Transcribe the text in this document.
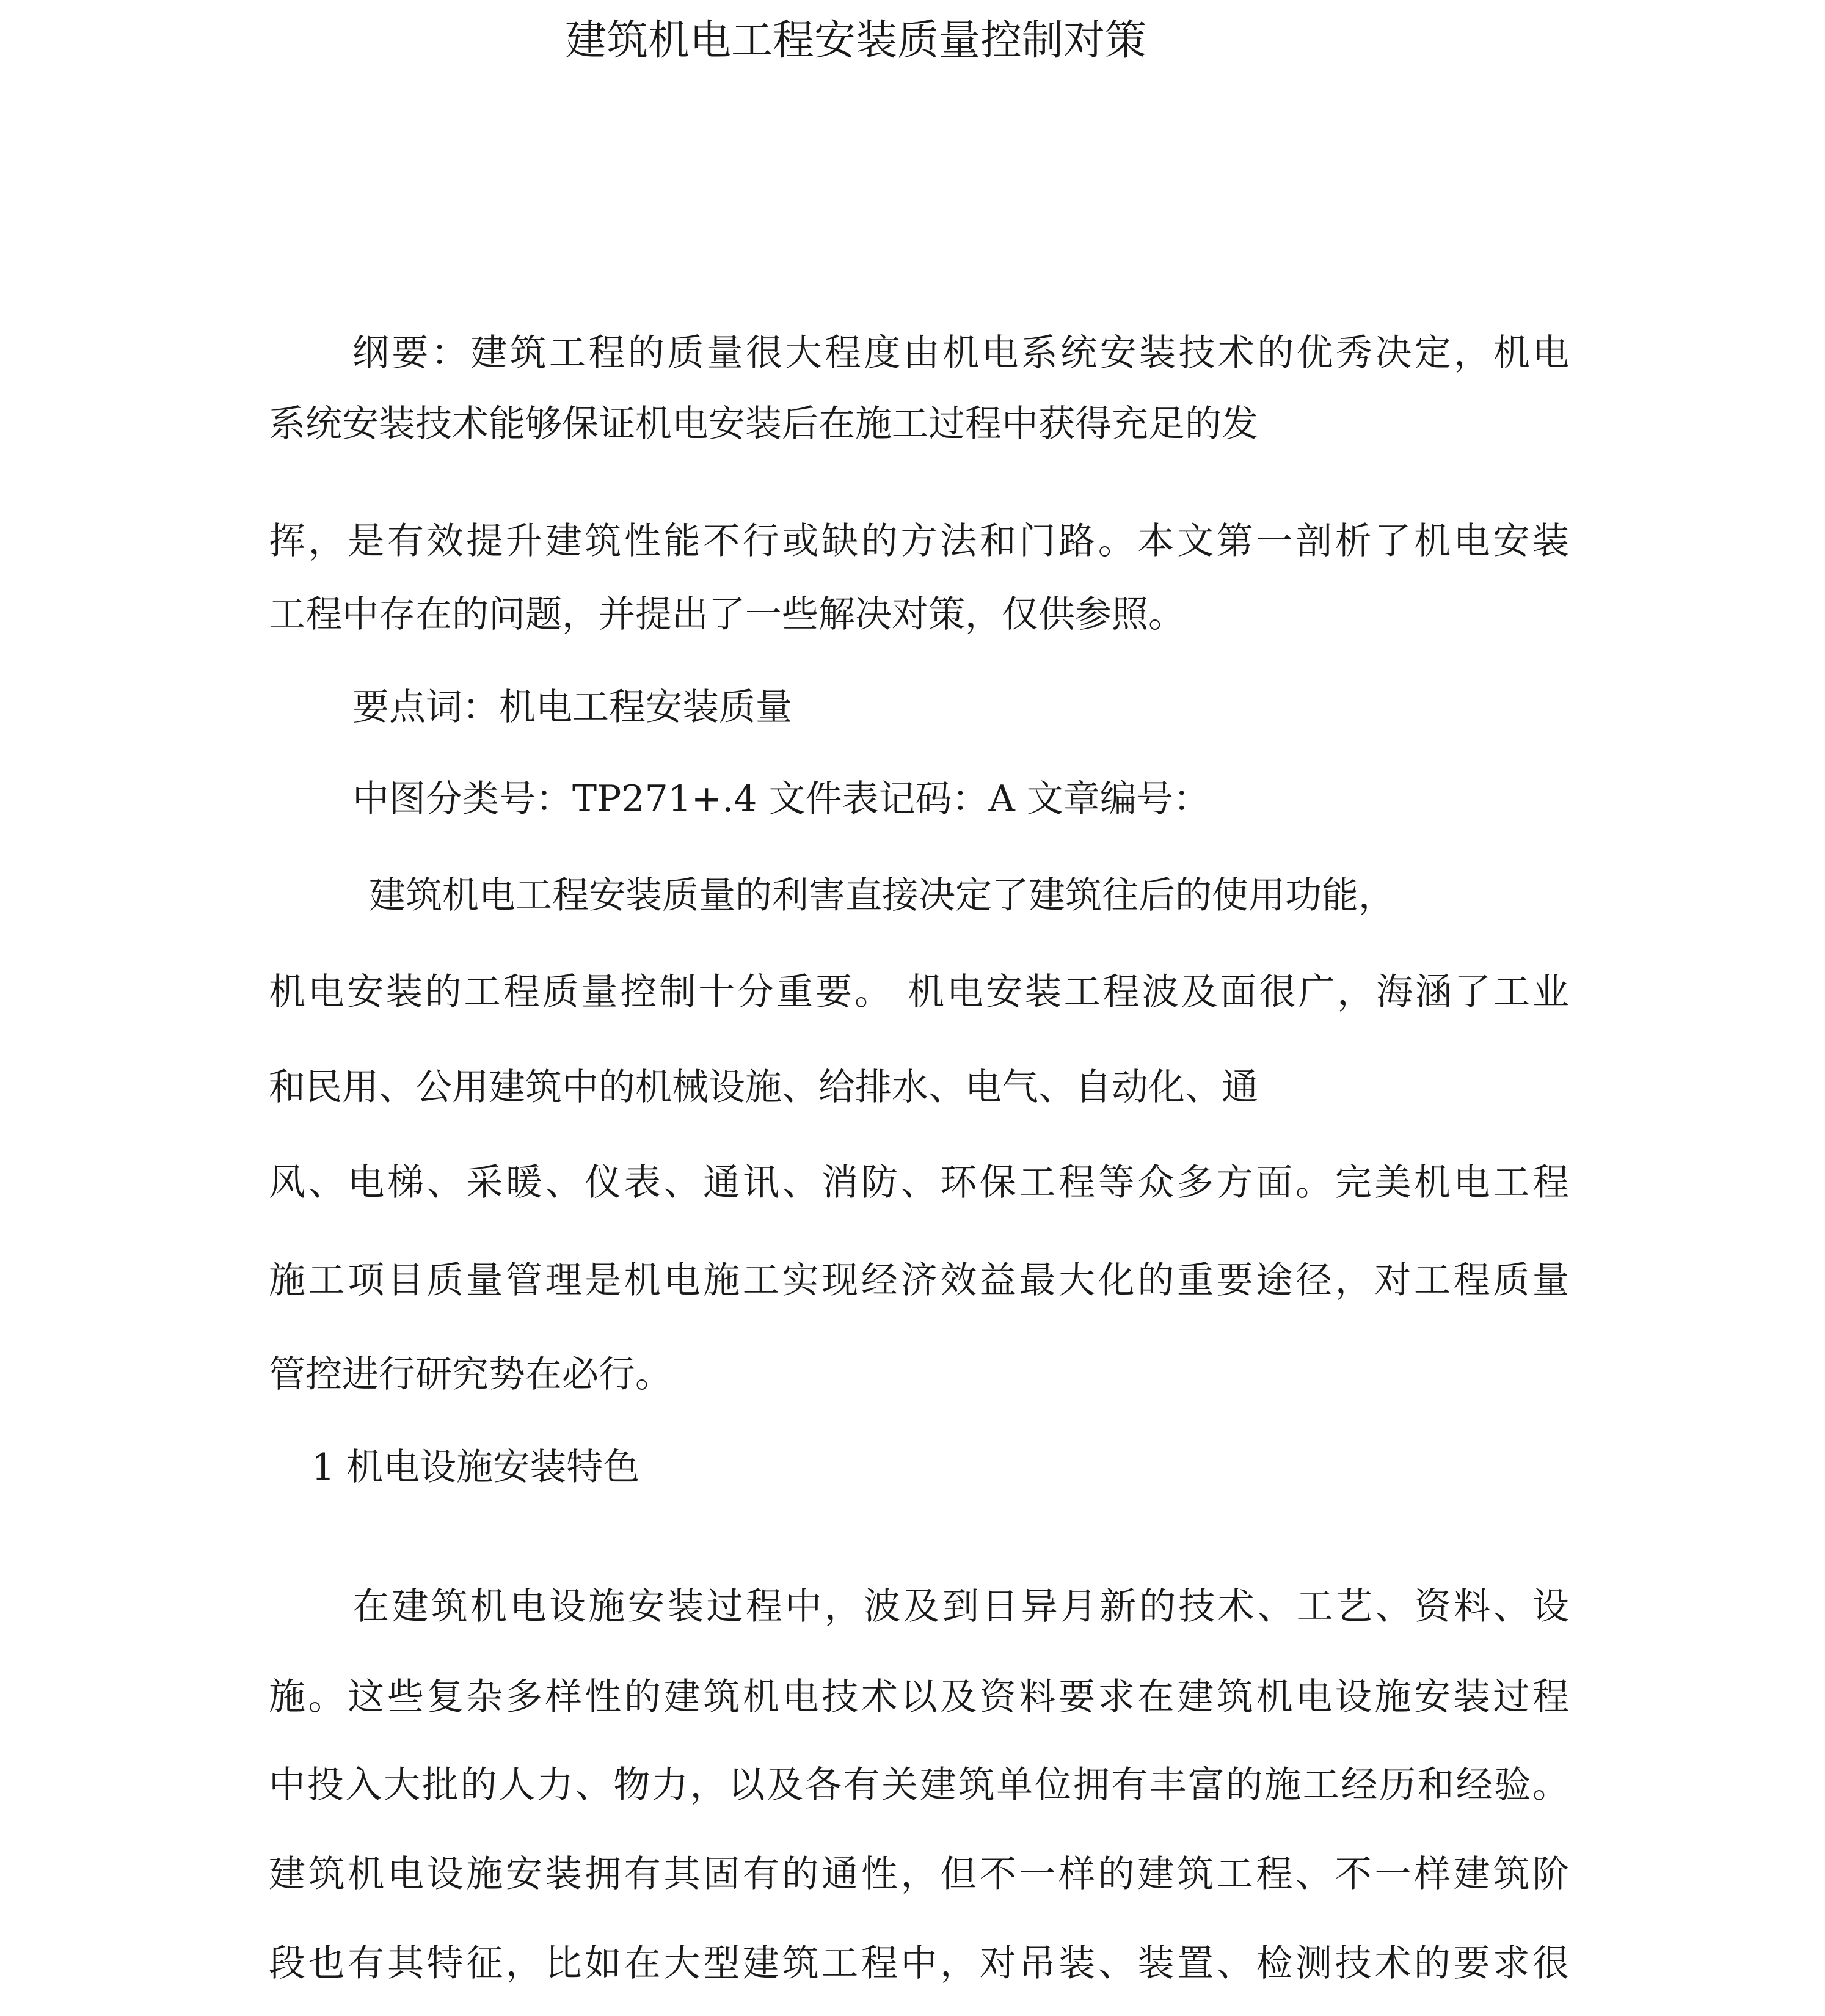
建筑机电工程安装质量控制对策
纲要：建筑工程的质量很大程度由机电系统安装技术的优秀决定，机电
系统安装技术能够保证机电安装后在施工过程中获得充足的发
挥，是有效提升建筑性能不行或缺的方法和门路。本文第一剖析了机电安装
工程中存在的问题，并提出了一些解决对策，仅供参照。
要点词：机电工程安装质量
中图分类号：TP271+.4 文件表记码：A 文章编号：
建筑机电工程安装质量的利害直接决定了建筑往后的使用功能，
机电安装的工程质量控制十分重要。 机电安装工程波及面很广，海涵了工业
和民用、公用建筑中的机械设施、给排水、电气、自动化、通
风、电梯、采暖、仪表、通讯、消防、环保工程等众多方面。完美机电工程
施工项目质量管理是机电施工实现经济效益最大化的重要途径，对工程质量
管控进行研究势在必行。
1 机电设施安装特色
在建筑机电设施安装过程中，波及到日异月新的技术、工艺、资料、设
施。这些复杂多样性的建筑机电技术以及资料要求在建筑机电设施安装过程
中投入大批的人力、物力，以及各有关建筑单位拥有丰富的施工经历和经验。
建筑机电设施安装拥有其固有的通性，但不一样的建筑工程、不一样建筑阶
段也有其特征，比如在大型建筑工程中，对吊装、装置、检测技术的要求很
